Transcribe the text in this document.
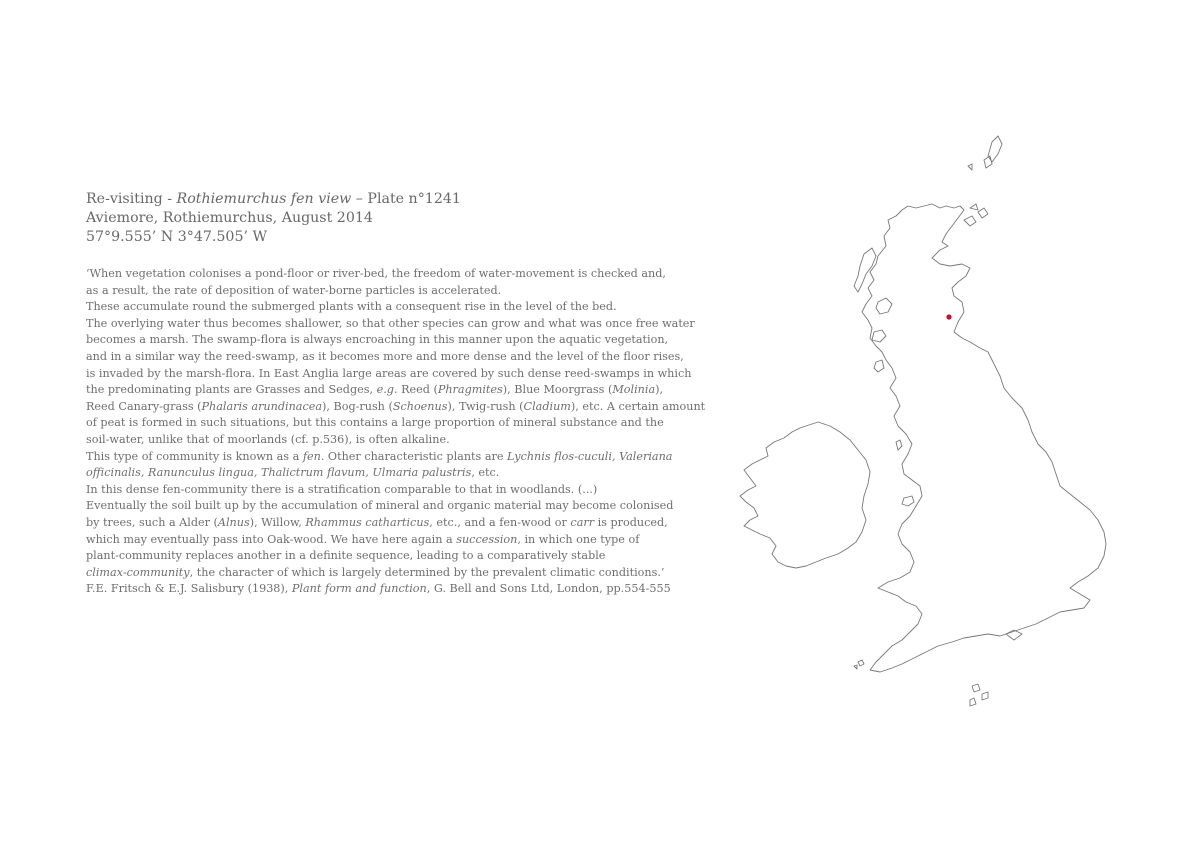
Re-visiting - Rothiemurchus fen view – Plate n°1241
Aviemore, Rothiemurchus, August 2014
57°9.555’ N 3°47.505’ W
‘When vegetation colonises a pond-floor or river-bed, the freedom of water-movement is checked and,
as a result, the rate of deposition of water-borne particles is accelerated.
These accumulate round the submerged plants with a consequent rise in the level of the bed.
The overlying water thus becomes shallower, so that other species can grow and what was once free water
becomes a marsh. The swamp-flora is always encroaching in this manner upon the aquatic vegetation,
and in a similar way the reed-swamp, as it becomes more and more dense and the level of the floor rises,
is invaded by the marsh-flora. In East Anglia large areas are covered by such dense reed-swamps in which
the predominating plants are Grasses and Sedges, e.g. Reed (Phragmites), Blue Moorgrass (Molinia),
Reed Canary-grass (Phalaris arundinacea), Bog-rush (Schoenus), Twig-rush (Cladium), etc. A certain amount
of peat is formed in such situations, but this contains a large proportion of mineral substance and the
soil-water, unlike that of moorlands (cf. p.536), is often alkaline.
This type of community is known as a fen. Other characteristic plants are Lychnis flos-cuculi, Valeriana
officinalis, Ranunculus lingua, Thalictrum flavum, Ulmaria palustris, etc.
In this dense fen-community there is a stratification comparable to that in woodlands. (...)
Eventually the soil built up by the accumulation of mineral and organic material may become colonised
by trees, such a Alder (Alnus), Willow, Rhammus catharticus, etc., and a fen-wood or carr is produced,
which may eventually pass into Oak-wood. We have here again a succession, in which one type of
plant-community replaces another in a definite sequence, leading to a comparatively stable
climax-community, the character of which is largely determined by the prevalent climatic conditions.’
F.E. Fritsch & E.J. Salisbury (1938), Plant form and function, G. Bell and Sons Ltd, London, pp.554-555
